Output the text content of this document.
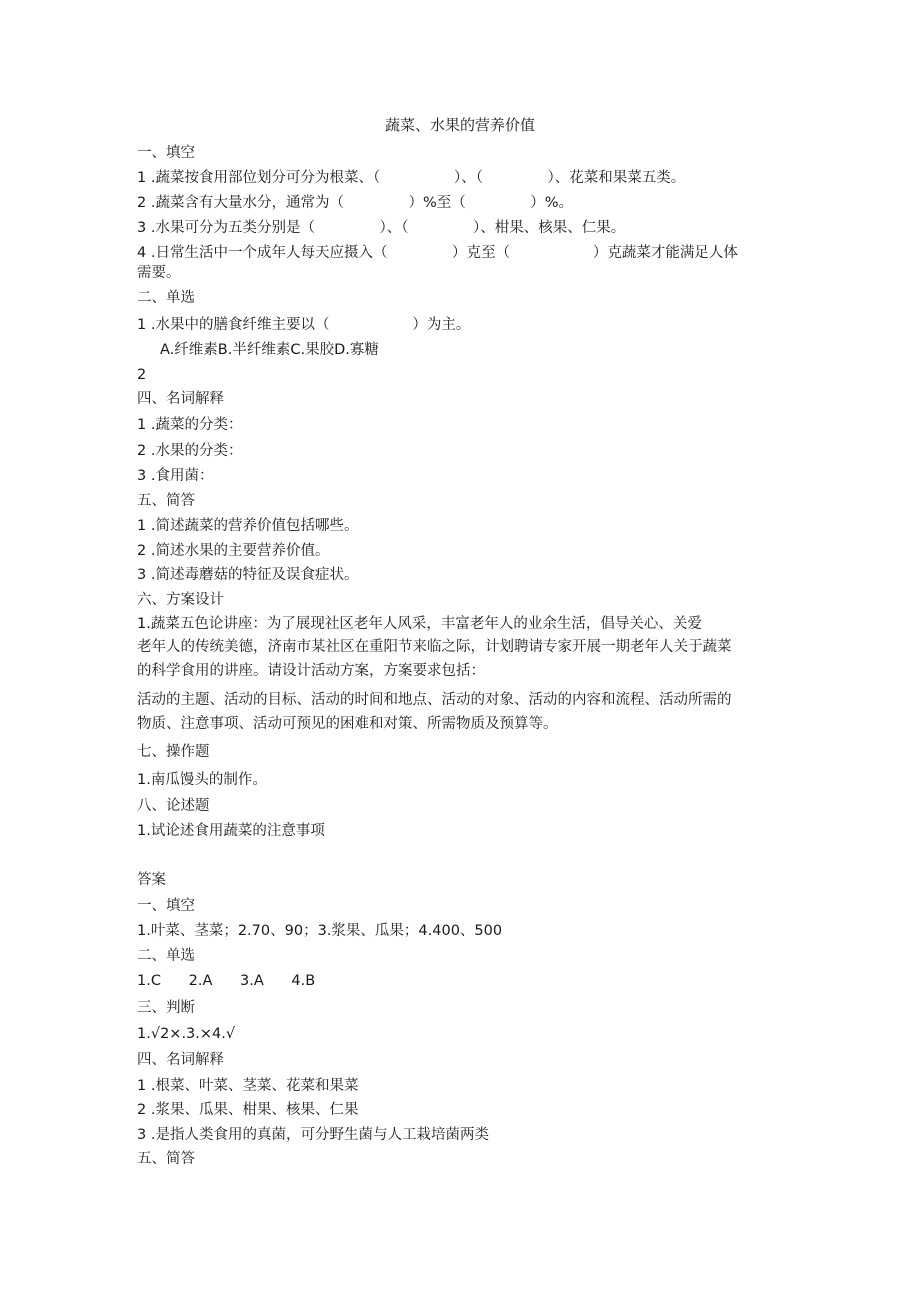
蔬菜、水果的营养价值
一、填空
1 .蔬菜按食用部位划分可分为根菜、（                ）、（              ）、花菜和果菜五类。
2 .蔬菜含有大量水分，通常为（              ）%至（              ）%。
3 .水果可分为五类分别是（              ）、（              ）、柑果、核果、仁果。
4 .日常生活中一个成年人每天应摄入（              ）克至（                  ）克蔬菜才能满足人体
需要。
二、单选
1 .水果中的膳食纤维主要以（                  ）为主。
A.纤维素B.半纤维素C.果胶D.寡糖
2
四、名词解释
1 .蔬菜的分类：
2 .水果的分类：
3 .食用菌：
五、简答
1 .简述蔬菜的营养价值包括哪些。
2 .简述水果的主要营养价值。
3 .简述毒蘑菇的特征及误食症状。
六、方案设计
1.蔬菜五色论讲座：为了展现社区老年人风采，丰富老年人的业余生活，倡导关心、关爱
老年人的传统美德，济南市某社区在重阳节来临之际，计划聘请专家开展一期老年人关于蔬菜
的科学食用的讲座。请设计活动方案，方案要求包括：
活动的主题、活动的目标、活动的时间和地点、活动的对象、活动的内容和流程、活动所需的
物质、注意事项、活动可预见的困难和对策、所需物质及预算等。
七、操作题
1.南瓜馒头的制作。
八、论述题
1.试论述食用蔬菜的注意事项
答案
一、填空
1.叶菜、茎菜；2.70、90；3.浆果、瓜果；4.400、500
二、单选
1.C      2.A      3.A      4.B
三、判断
1.√2×.3.×4.√
四、名词解释
1 .根菜、叶菜、茎菜、花菜和果菜
2 .浆果、瓜果、柑果、核果、仁果
3 .是指人类食用的真菌，可分野生菌与人工栽培菌两类
五、简答
